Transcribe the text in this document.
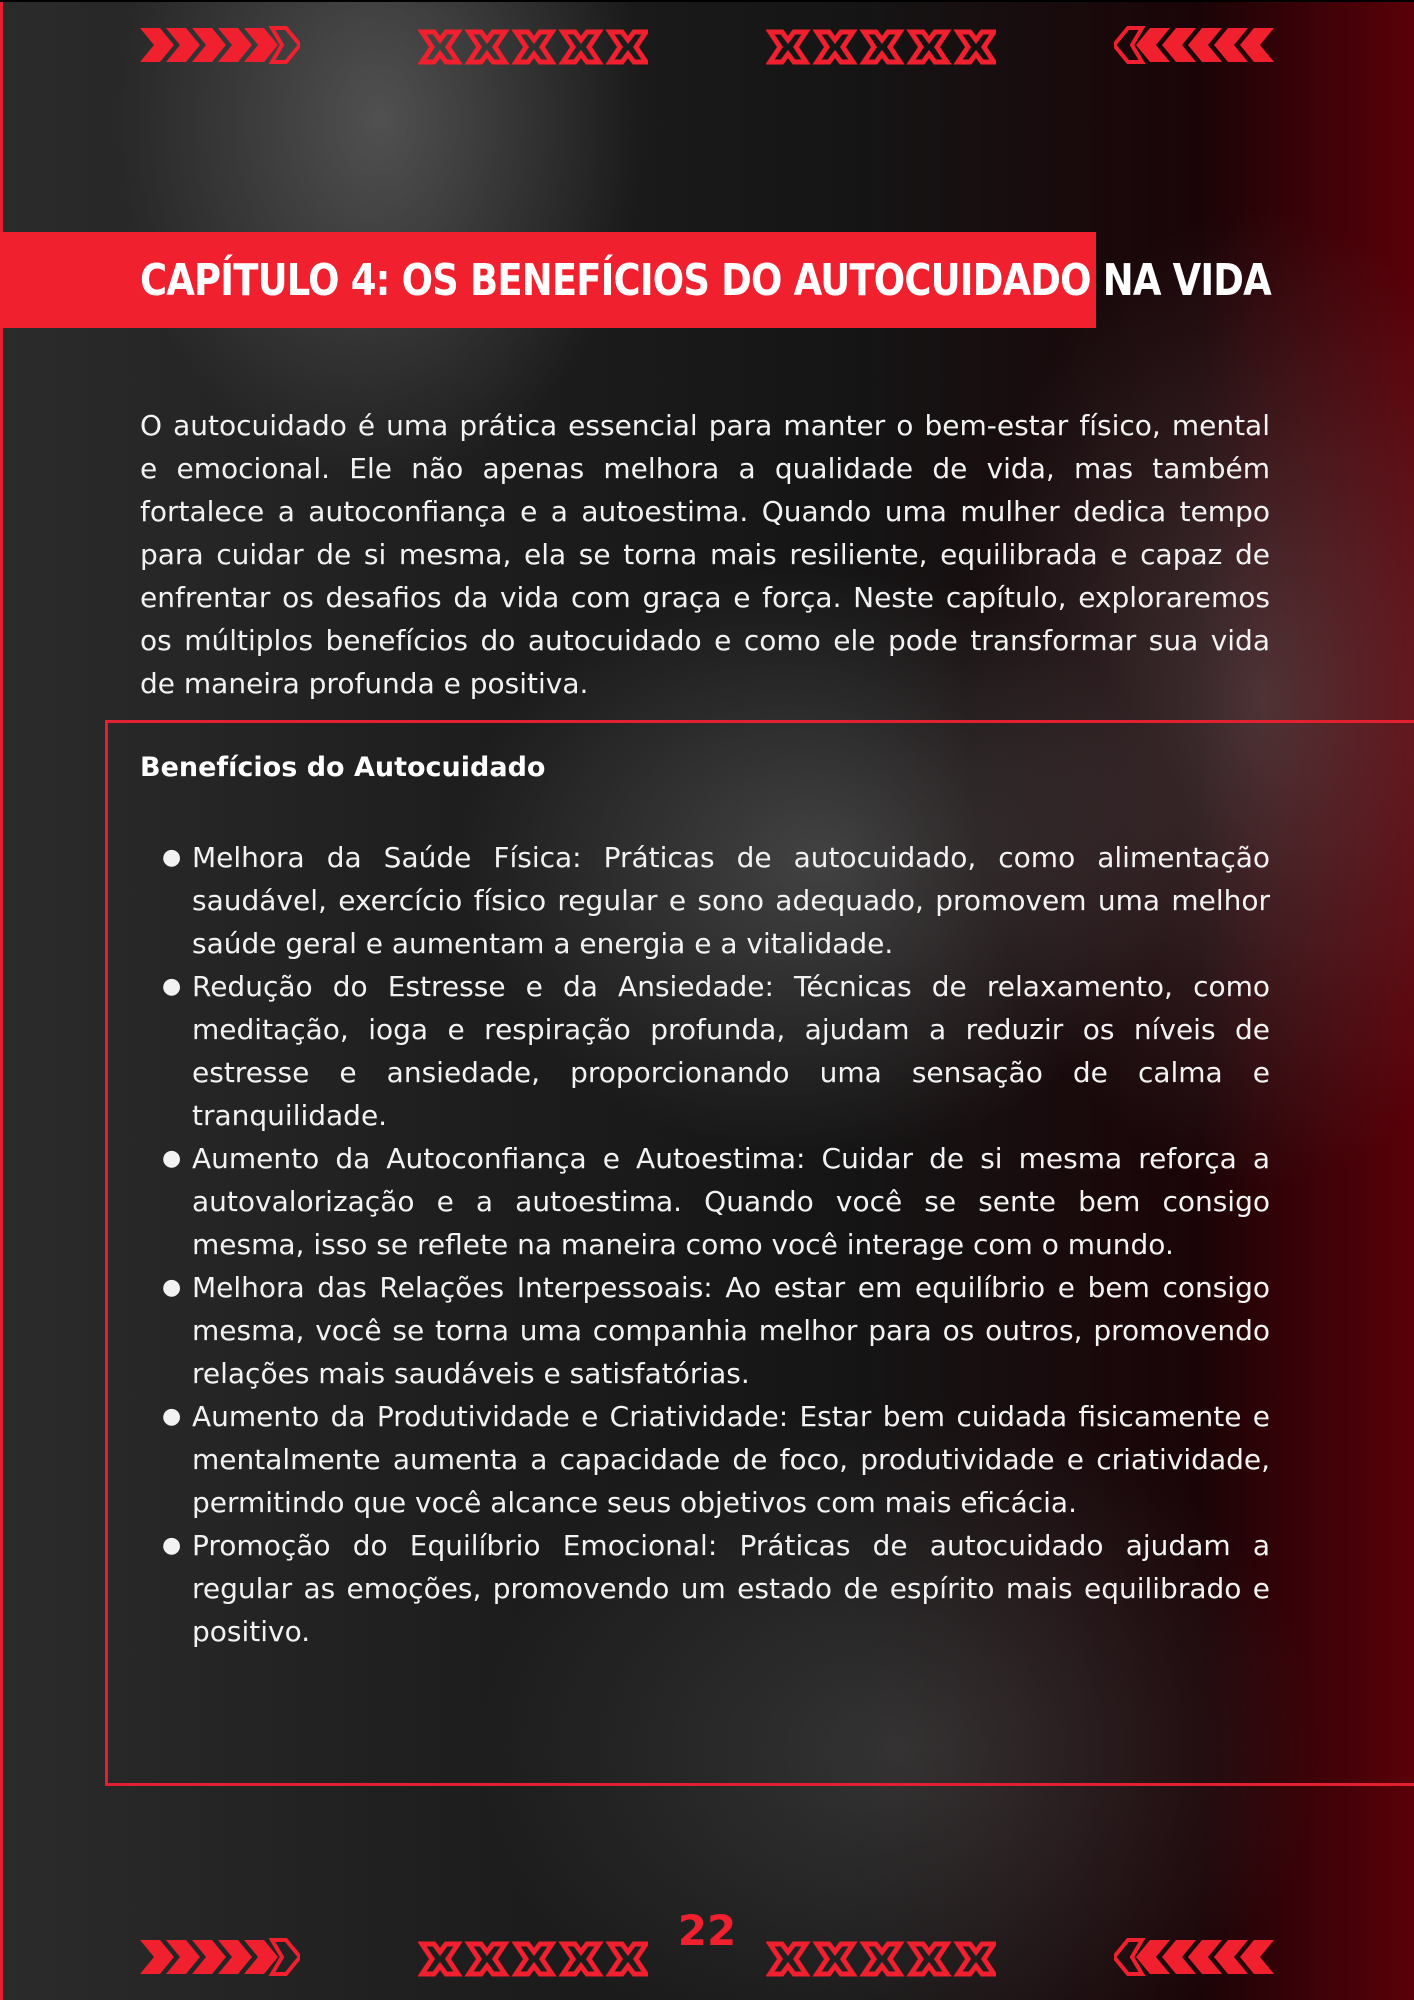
CAPÍTULO 4: OS BENEFÍCIOS DO AUTOCUIDADO NA VIDA

O autocuidado é uma prática essencial para manter o bem-estar físico, mental e emocional. Ele não apenas melhora a qualidade de vida, mas também fortalece a autoconfiança e a autoestima. Quando uma mulher dedica tempo para cuidar de si mesma, ela se torna mais resiliente, equilibrada e capaz de enfrentar os desafios da vida com graça e força. Neste capítulo, exploraremos os múltiplos benefícios do autocuidado e como ele pode transformar sua vida de maneira profunda e positiva.

Benefícios do Autocuidado
● Melhora da Saúde Física: Práticas de autocuidado, como alimentação saudável, exercício físico regular e sono adequado, promovem uma melhor saúde geral e aumentam a energia e a vitalidade.
● Redução do Estresse e da Ansiedade: Técnicas de relaxamento, como meditação, ioga e respiração profunda, ajudam a reduzir os níveis de estresse e ansiedade, proporcionando uma sensação de calma e tranquilidade.
● Aumento da Autoconfiança e Autoestima: Cuidar de si mesma reforça a autovalorização e a autoestima. Quando você se sente bem consigo mesma, isso se reflete na maneira como você interage com o mundo.
● Melhora das Relações Interpessoais: Ao estar em equilíbrio e bem consigo mesma, você se torna uma companhia melhor para os outros, promovendo relações mais saudáveis e satisfatórias.
● Aumento da Produtividade e Criatividade: Estar bem cuidada fisicamente e mentalmente aumenta a capacidade de foco, produtividade e criatividade, permitindo que você alcance seus objetivos com mais eficácia.
● Promoção do Equilíbrio Emocional: Práticas de autocuidado ajudam a regular as emoções, promovendo um estado de espírito mais equilibrado e positivo.
22
